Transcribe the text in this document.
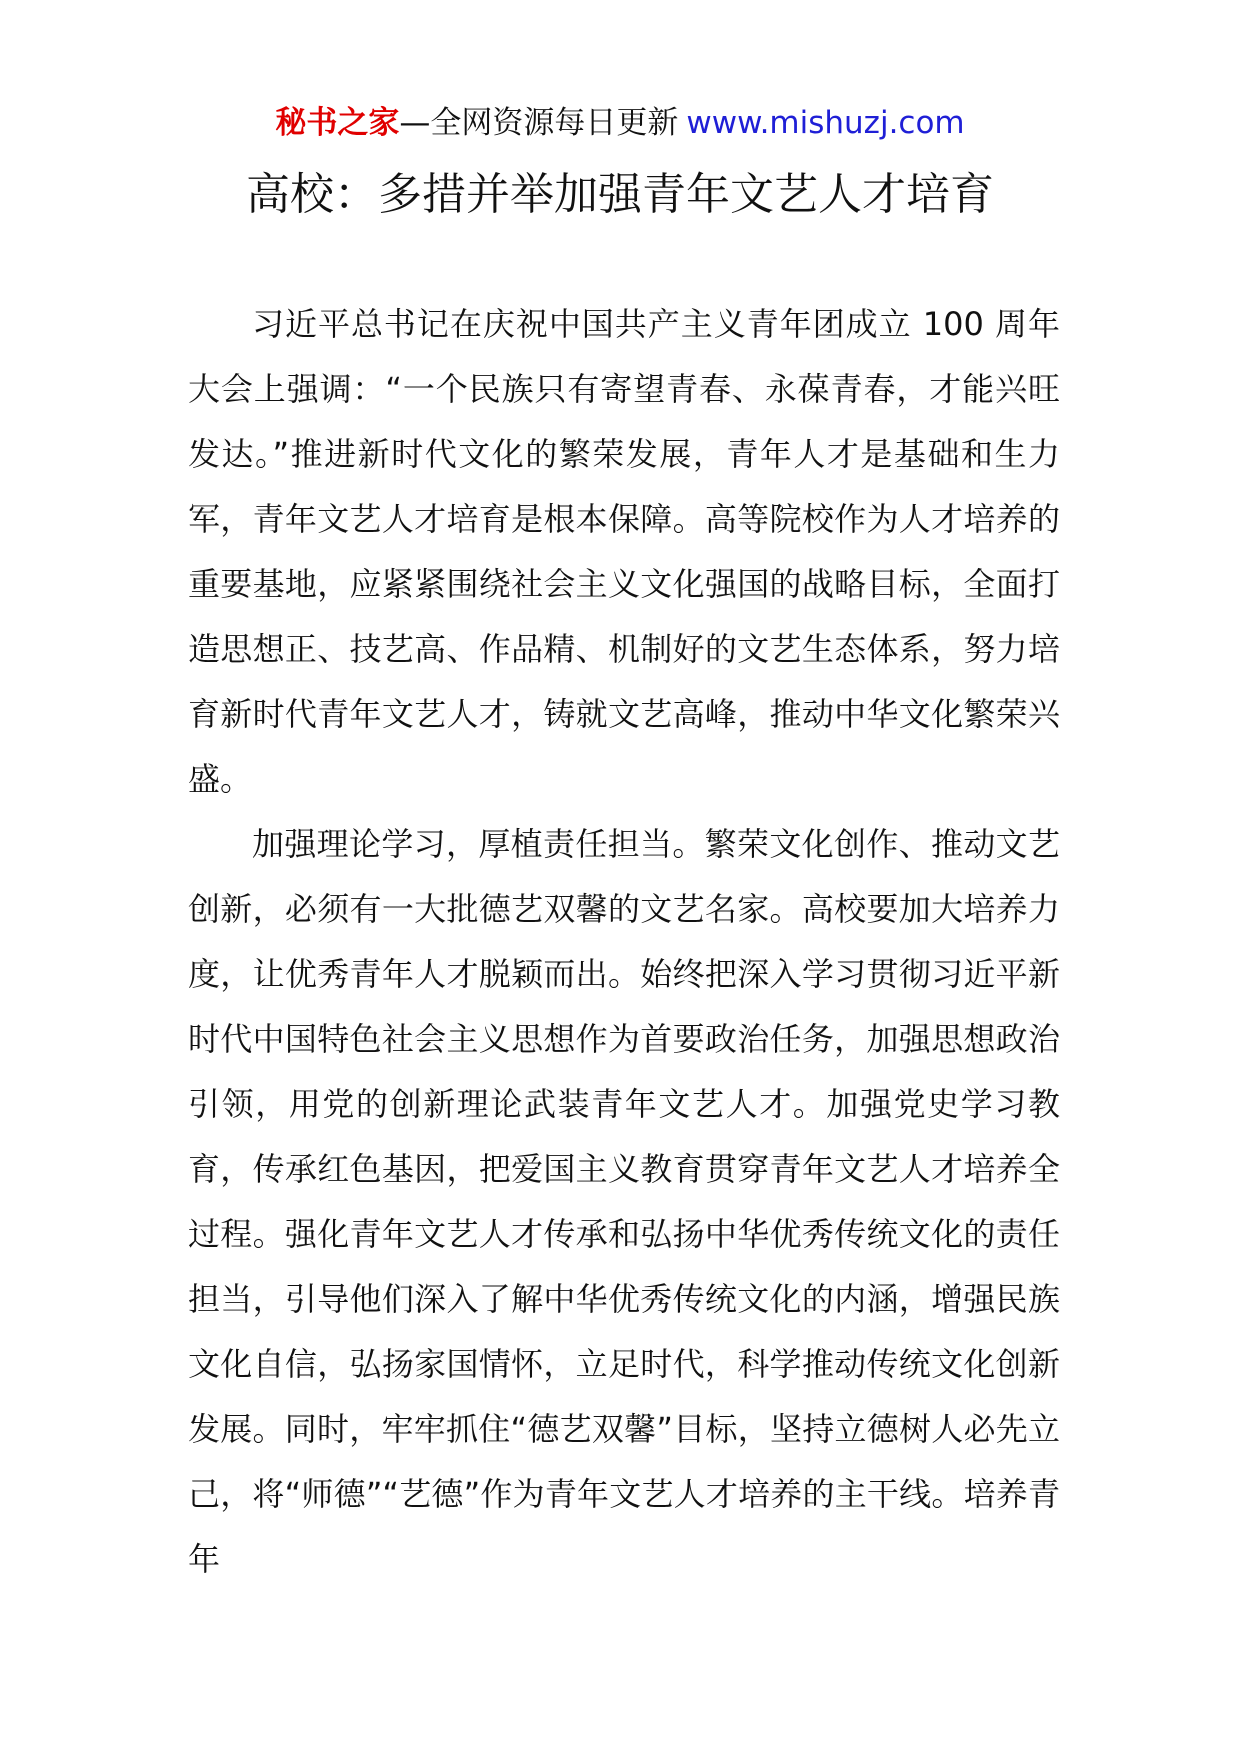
秘书之家—全网资源每日更新 www.mishuzj.com
高校：多措并举加强青年文艺人才培育

习近平总书记在庆祝中国共产主义青年团成立 100 周年大会上强调：“一个民族只有寄望青春、永葆青春，才能兴旺发达。”推进新时代文化的繁荣发展，青年人才是基础和生力军，青年文艺人才培育是根本保障。高等院校作为人才培养的重要基地，应紧紧围绕社会主义文化强国的战略目标，全面打造思想正、技艺高、作品精、机制好的文艺生态体系，努力培育新时代青年文艺人才，铸就文艺高峰，推动中华文化繁荣兴盛。

加强理论学习，厚植责任担当。繁荣文化创作、推动文艺创新，必须有一大批德艺双馨的文艺名家。高校要加大培养力度，让优秀青年人才脱颖而出。始终把深入学习贯彻习近平新时代中国特色社会主义思想作为首要政治任务，加强思想政治引领，用党的创新理论武装青年文艺人才。加强党史学习教育，传承红色基因，把爱国主义教育贯穿青年文艺人才培养全过程。强化青年文艺人才传承和弘扬中华优秀传统文化的责任担当，引导他们深入了解中华优秀传统文化的内涵，增强民族文化自信，弘扬家国情怀，立足时代，科学推动传统文化创新发展。同时，牢牢抓住“德艺双馨”目标，坚持立德树人必先立己，将“师德”“艺德”作为青年文艺人才培养的主干线。培养青年
